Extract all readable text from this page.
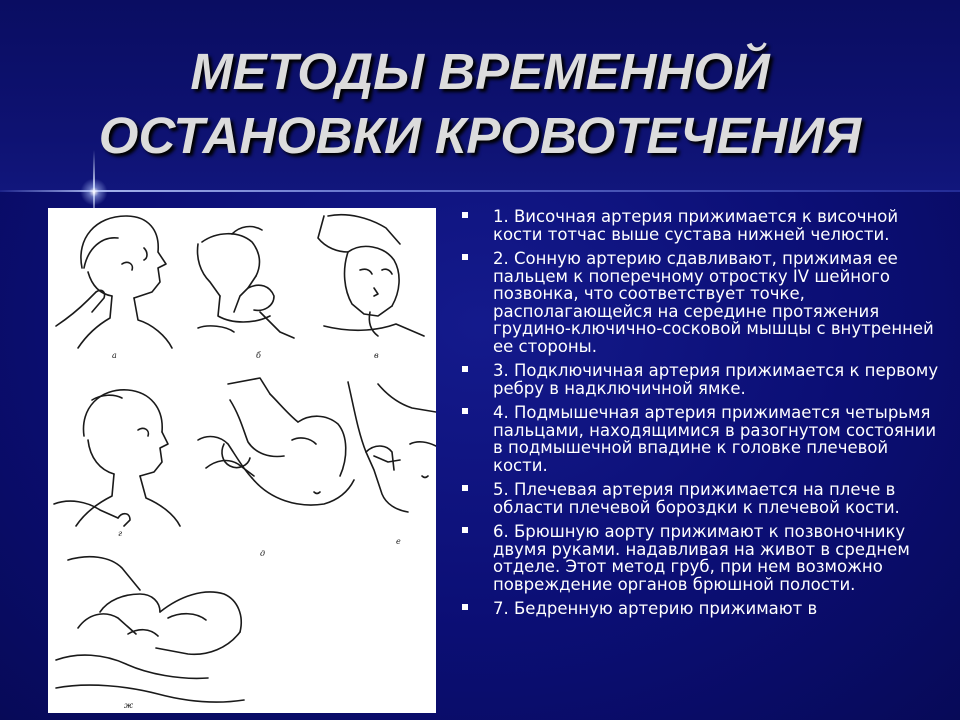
МЕТОДЫ ВРЕМЕННОЙ
ОСТАНОВКИ КРОВОТЕЧЕНИЯ
а	б	в
г
д
е
ж
1. Височная артерия прижимается к височной кости тотчас выше сустава нижней челюсти.
2. Сонную артерию сдавливают, прижимая ее пальцем к поперечному отростку IV шейного позвонка, что соответствует точке, располагающейся на середине протяжения грудино-ключично-сосковой мышцы с внутренней ее стороны.
3. Подключичная артерия прижимается к первому ребру в надключичной ямке.
4. Подмышечная артерия прижимается четырьмя пальцами, находящимися в разогнутом состоянии в подмышечной впадине к головке плечевой кости.
5. Плечевая артерия прижимается на плече в области плечевой бороздки к плечевой кости.
6. Брюшную аорту прижимают к позвоночнику двумя руками. надавливая на живот в среднем отделе. Этот метод груб, при нем возможно повреждение органов брюшной полости.
7. Бедренную артерию прижимают в
